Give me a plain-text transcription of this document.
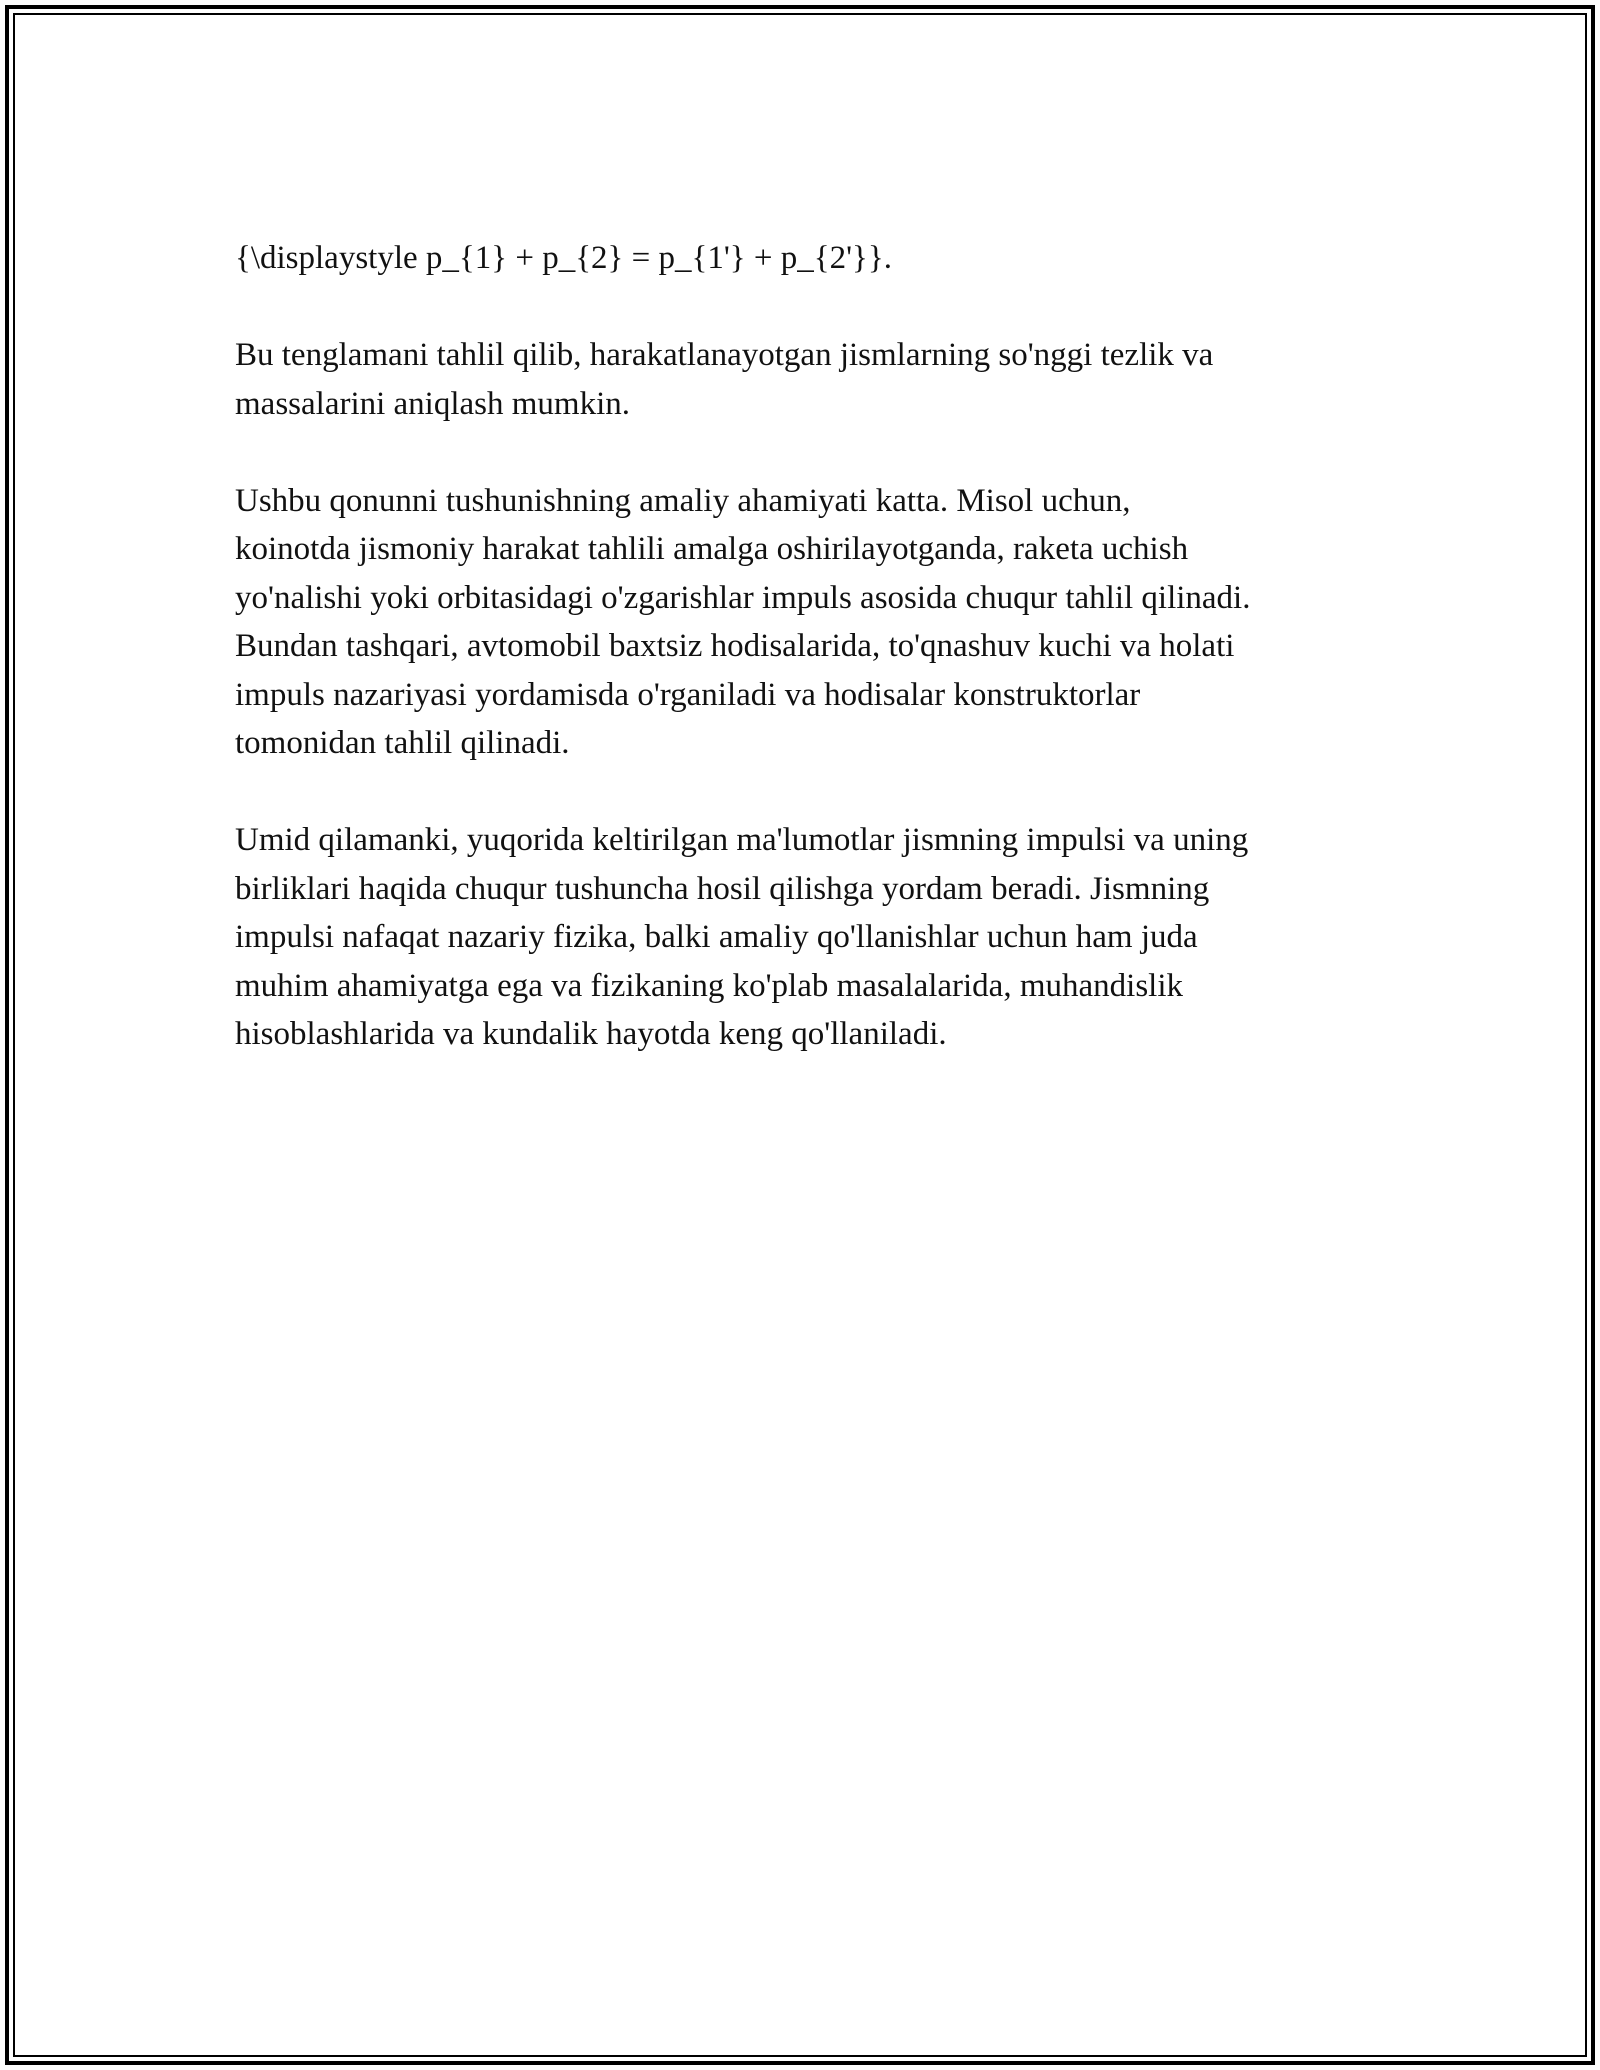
{\displaystyle p_{1} + p_{2} = p_{1'} + p_{2'}}.

Bu tenglamani tahlil qilib, harakatlanayotgan jismlarning so'nggi tezlik va
massalarini aniqlash mumkin.

Ushbu qonunni tushunishning amaliy ahamiyati katta. Misol uchun,
koinotda jismoniy harakat tahlili amalga oshirilayotganda, raketa uchish
yo'nalishi yoki orbitasidagi o'zgarishlar impuls asosida chuqur tahlil qilinadi.
Bundan tashqari, avtomobil baxtsiz hodisalarida, to'qnashuv kuchi va holati
impuls nazariyasi yordamisda o'rganiladi va hodisalar konstruktorlar
tomonidan tahlil qilinadi.

Umid qilamanki, yuqorida keltirilgan ma'lumotlar jismning impulsi va uning
birliklari haqida chuqur tushuncha hosil qilishga yordam beradi. Jismning
impulsi nafaqat nazariy fizika, balki amaliy qo'llanishlar uchun ham juda
muhim ahamiyatga ega va fizikaning ko'plab masalalarida, muhandislik
hisoblashlarida va kundalik hayotda keng qo'llaniladi.
